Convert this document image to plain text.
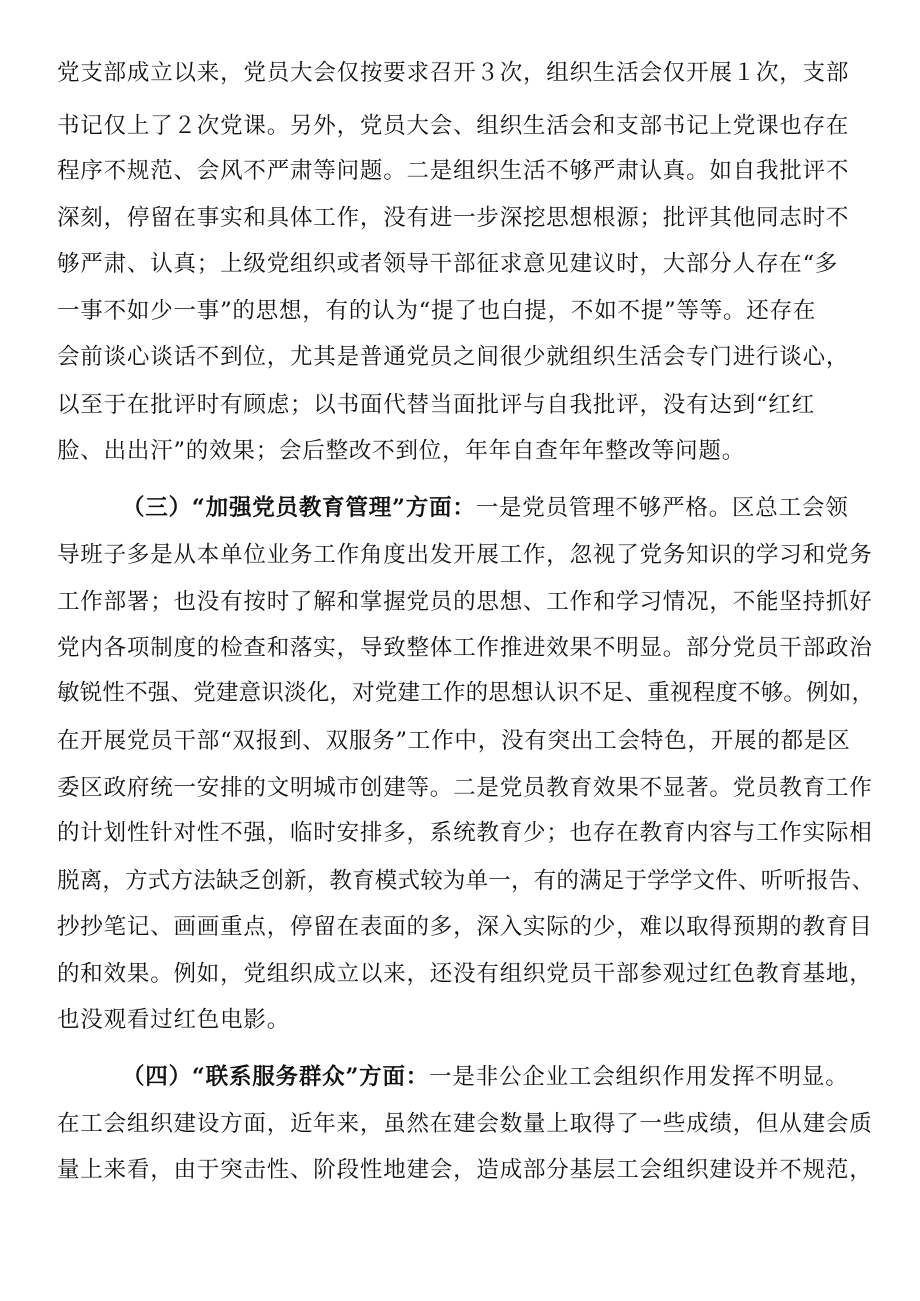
党支部成立以来，党员大会仅按要求召开３次，组织生活会仅开展１次，支部
书记仅上了２次党课。另外，党员大会、组织生活会和支部书记上党课也存在
程序不规范、会风不严肃等问题。二是组织生活不够严肃认真。如自我批评不
深刻，停留在事实和具体工作，没有进一步深挖思想根源；批评其他同志时不
够严肃、认真；上级党组织或者领导干部征求意见建议时，大部分人存在“多
一事不如少一事”的思想，有的认为“提了也白提，不如不提”等等。还存在
会前谈心谈话不到位，尤其是普通党员之间很少就组织生活会专门进行谈心，
以至于在批评时有顾虑；以书面代替当面批评与自我批评，没有达到“红红
脸、出出汗”的效果；会后整改不到位，年年自查年年整改等问题。
（三）“加强党员教育管理”方面：一是党员管理不够严格。区总工会领
导班子多是从本单位业务工作角度出发开展工作，忽视了党务知识的学习和党务
工作部署；也没有按时了解和掌握党员的思想、工作和学习情况，不能坚持抓好
党内各项制度的检查和落实，导致整体工作推进效果不明显。部分党员干部政治
敏锐性不强、党建意识淡化，对党建工作的思想认识不足、重视程度不够。例如，
在开展党员干部“双报到、双服务”工作中，没有突出工会特色，开展的都是区
委区政府统一安排的文明城市创建等。二是党员教育效果不显著。党员教育工作
的计划性针对性不强，临时安排多，系统教育少；也存在教育内容与工作实际相
脱离，方式方法缺乏创新，教育模式较为单一，有的满足于学学文件、听听报告、
抄抄笔记、画画重点，停留在表面的多，深入实际的少，难以取得预期的教育目
的和效果。例如，党组织成立以来，还没有组织党员干部参观过红色教育基地，
也没观看过红色电影。
（四）“联系服务群众”方面：一是非公企业工会组织作用发挥不明显。
在工会组织建设方面，近年来，虽然在建会数量上取得了一些成绩，但从建会质
量上来看，由于突击性、阶段性地建会，造成部分基层工会组织建设并不规范，
